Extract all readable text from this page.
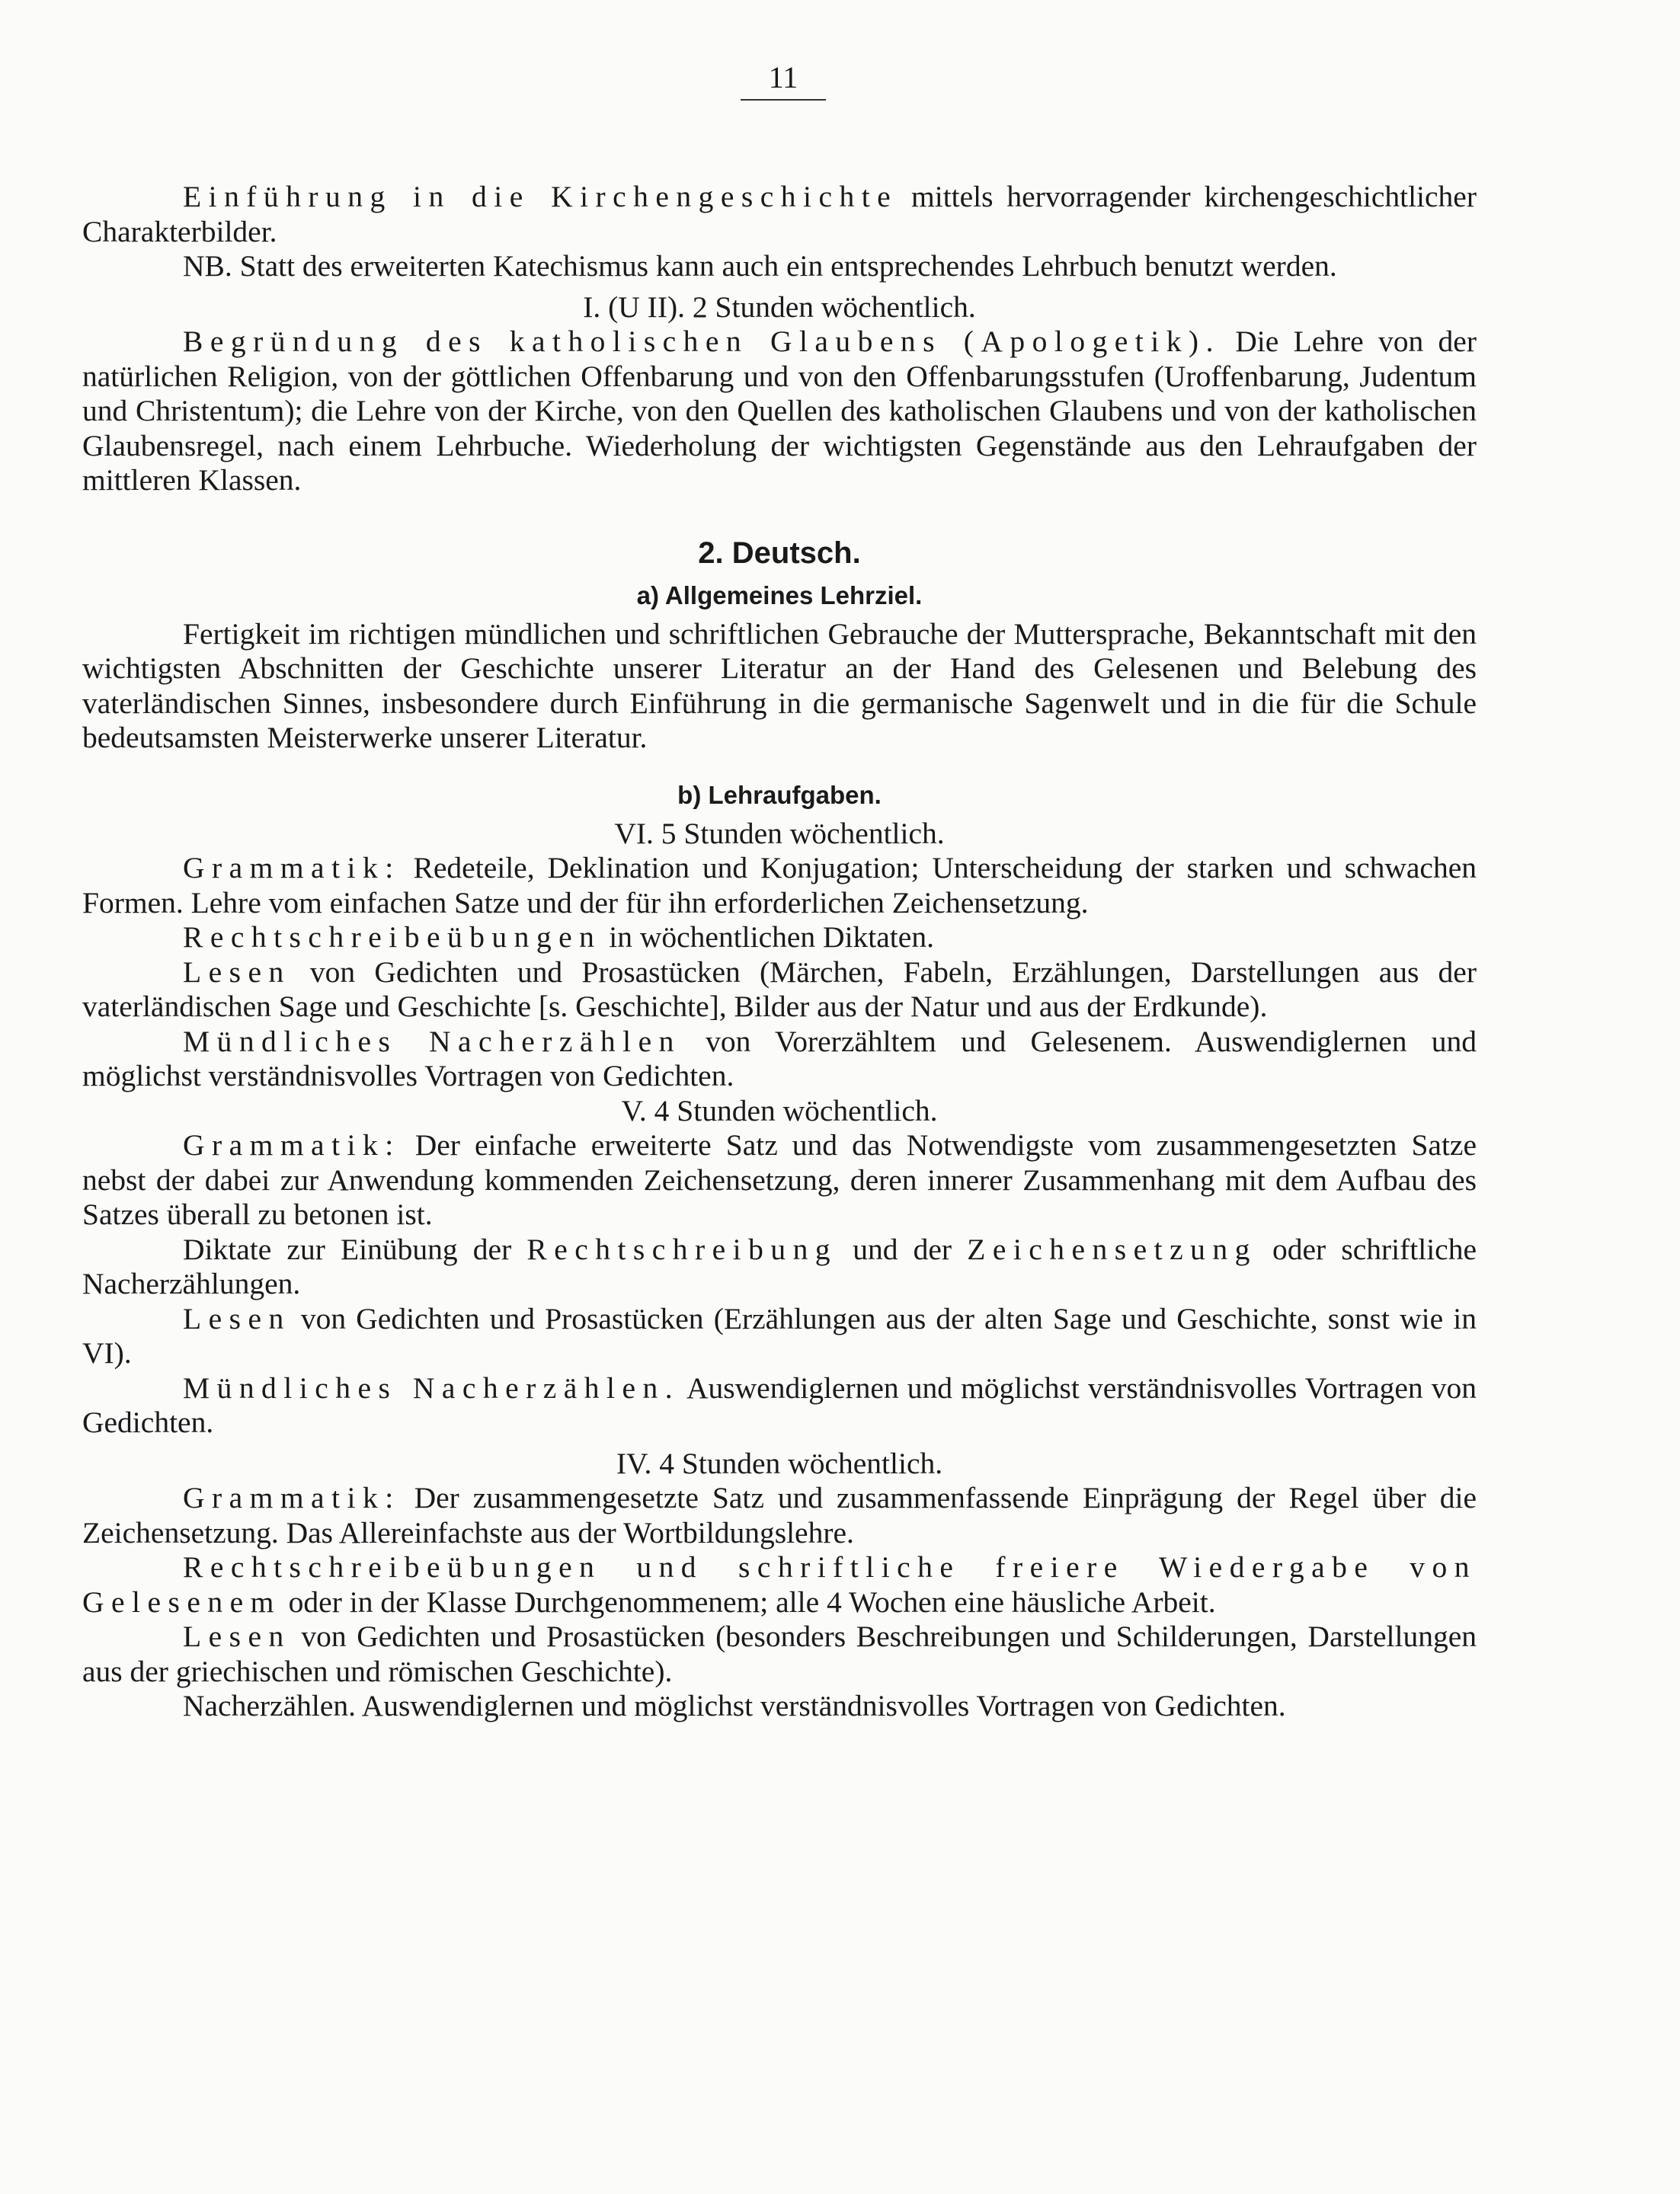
11

Einführung in die Kirchengeschichte mittels hervorragender kirchengeschichtlicher Charakterbilder.

NB. Statt des erweiterten Katechismus kann auch ein entsprechendes Lehrbuch benutzt werden.

I. (U II). 2 Stunden wöchentlich.

Begründung des katholischen Glaubens (Apologetik). Die Lehre von der natürlichen Religion, von der göttlichen Offenbarung und von den Offenbarungsstufen (Uroffenbarung, Judentum und Christentum); die Lehre von der Kirche, von den Quellen des katholischen Glaubens und von der katholischen Glaubensregel, nach einem Lehrbuche. Wiederholung der wichtigsten Gegenstände aus den Lehraufgaben der mittleren Klassen.

2. Deutsch.
a) Allgemeines Lehrziel.

Fertigkeit im richtigen mündlichen und schriftlichen Gebrauche der Muttersprache, Bekanntschaft mit den wichtigsten Abschnitten der Geschichte unserer Literatur an der Hand des Gelesenen und Belebung des vaterländischen Sinnes, insbesondere durch Einführung in die germanische Sagenwelt und in die für die Schule bedeutsamsten Meisterwerke unserer Literatur.

b) Lehraufgaben.

VI. 5 Stunden wöchentlich.

Grammatik: Redeteile, Deklination und Konjugation; Unterscheidung der starken und schwachen Formen. Lehre vom einfachen Satze und der für ihn erforderlichen Zeichensetzung.

Rechtschreibeübungen in wöchentlichen Diktaten.

Lesen von Gedichten und Prosastücken (Märchen, Fabeln, Erzählungen, Darstellungen aus der vaterländischen Sage und Geschichte [s. Geschichte], Bilder aus der Natur und aus der Erdkunde).

Mündliches Nacherzählen von Vorerzähltem und Gelesenem. Auswendiglernen und möglichst verständnisvolles Vortragen von Gedichten.

V. 4 Stunden wöchentlich.

Grammatik: Der einfache erweiterte Satz und das Notwendigste vom zusammengesetzten Satze nebst der dabei zur Anwendung kommenden Zeichensetzung, deren innerer Zusammenhang mit dem Aufbau des Satzes überall zu betonen ist.

Diktate zur Einübung der Rechtschreibung und der Zeichensetzung oder schriftliche Nacherzählungen.

Lesen von Gedichten und Prosastücken (Erzählungen aus der alten Sage und Geschichte, sonst wie in VI).

Mündliches Nacherzählen. Auswendiglernen und möglichst verständnisvolles Vortragen von Gedichten.

IV. 4 Stunden wöchentlich.

Grammatik: Der zusammengesetzte Satz und zusammenfassende Einprägung der Regel über die Zeichensetzung. Das Allereinfachste aus der Wortbildungslehre.

Rechtschreibeübungen und schriftliche freiere Wiedergabe von Gelesenem oder in der Klasse Durchgenommenem; alle 4 Wochen eine häusliche Arbeit.

Lesen von Gedichten und Prosastücken (besonders Beschreibungen und Schilderungen, Darstellungen aus der griechischen und römischen Geschichte).

Nacherzählen. Auswendiglernen und möglichst verständnisvolles Vortragen von Gedichten.
